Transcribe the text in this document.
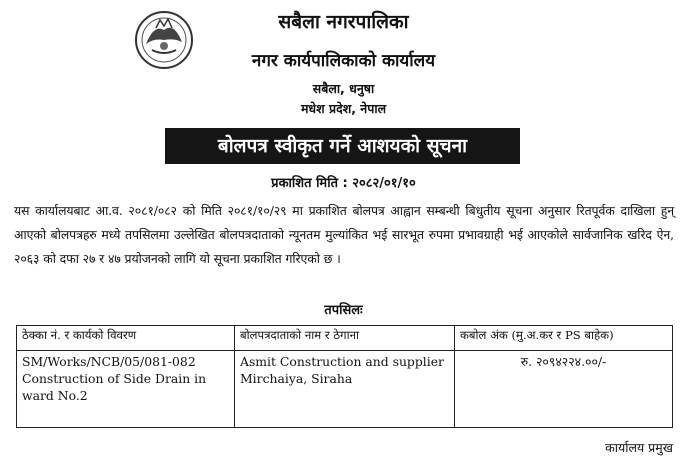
सबैला नगरपालिका
नगर कार्यपालिकाको कार्यालय
सबैला, धनुषा
मधेश प्रदेश, नेपाल
बोलपत्र स्वीकृत गर्ने आशयको सूचना
प्रकाशित मिति : २०८२/०१/१०
यस कार्यालयबाट आ.व. २०८१/०८२ को मिति २०८१/१०/२९ मा प्रकाशित बोलपत्र आह्वान सम्बन्धी बिधुतीय सूचना अनुसार रितपूर्वक दाखिला हुन् आएको बोलपत्रहरु मध्ये तपसिलमा उल्लेखित बोलपत्रदाताको न्यूनतम मुल्यांकित भई सारभूत रुपमा प्रभावग्राही भई आएकोले सार्वजानिक खरिद ऐन, २०६३ को दफा २७ र ४७ प्रयोजनको लागि यो सूचना प्रकाशित गरिएको छ ।
तपसिलः
ठेक्का नं. र कार्यको विवरण	बोलपत्रदाताको नाम र ठेगाना	कबोल अंक (मु.अ.कर र PS बाहेक)
SM/Works/NCB/05/081-082 Construction of Side Drain in ward No.2	Asmit Construction and supplier Mirchaiya, Siraha	रु. २०९४२२४.००/-
कार्यालय प्रमुख
